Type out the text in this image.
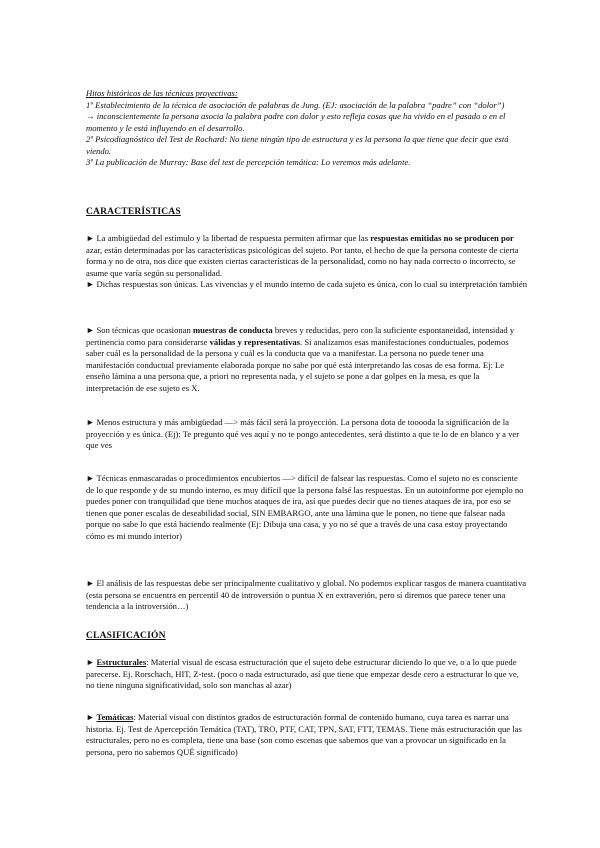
Hitos históricos de las técnicas proyectivas:

1º Establecimiento de la técnica de asociación de palabras de Jung. (EJ: asociación de la palabra “padre” con “dolor”)

→ inconscientemente la persona asocia la palabra padre con dolor y esto refleja cosas que ha vivido en el pasado o en el momento y le está influyendo en el desarrollo.

2º Psicodiagnóstico del Test de Rochard: No tiene ningún tipo de estructura y es la persona la que tiene que decir que está viendo.

3º La publicación de Murray: Base del test de percepción temática: Lo veremos más adelante.

CARACTERÍSTICAS

► La ambigüedad del estímulo y la libertad de respuesta permiten afirmar que las respuestas emitidas no se producen por azar, están determinadas por las características psicológicas del sujeto. Por tanto, el hecho de que la persona conteste de cierta forma y no de otra, nos dice que existen ciertas características de la personalidad, como no hay nada correcto o incorrecto, se asume que varía según su personalidad.

► Dichas respuestas son únicas. Las vivencias y el mundo interno de cada sujeto es única, con lo cual su interpretación también

► Son técnicas que ocasionan muestras de conducta breves y reducidas, pero con la suficiente espontaneidad, intensidad y pertinencia como para considerarse válidas y representativas. Si analizamos esas manifestaciones conductuales, podemos saber cuál es la personalidad de la persona y cuál es la conducta que va a manifestar. La persona no puede tener una manifestación conductual previamente elaborada porque no sabe por qué está interpretando las cosas de esa forma. Ej: Le enseño lámina a una persona que, a priori no representa nada, y el sujeto se pone a dar golpes en la mesa, es que la interpretación de ese sujeto es X.

► Menos estructura y más ambigüedad —> más fácil será la proyección. La persona dota de tooooda la significación de la proyección y es única. (Ej): Te pregunto qué ves aquí y no te pongo antecedentes, será distinto a que te lo de en blanco y a ver que ves

► Técnicas enmascaradas o procedimientos encubiertos —> difícil de falsear las respuestas. Como el sujeto no es consciente de lo que responde y de su mundo interno, es muy difícil que la persona falsé las respuestas. En un autoinforme por ejemplo no puedes poner con tranquilidad que tiene muchos ataques de ira, así que puedes decir que no tienes ataques de ira, por eso se tienen que poner escalas de deseabilidad social, SIN EMBARGO, ante una lámina que le ponen, no tiene que falsear nada porque no sabe lo que está haciendo realmente (Ej: Dibuja una casa, y yo no sé que a través de una casa estoy proyectando cómo es mi mundo interior)

► El análisis de las respuestas debe ser principalmente cualitativo y global. No podemos explicar rasgos de manera cuantitativa (esta persona se encuentra en percentil 40 de introversión o puntua X en extraverión, pero sí diremos que parece tener una tendencia a la introversión…)

CLASIFICACIÓN

► Estructurales: Material visual de escasa estructuración que el sujeto debe estructurar diciendo lo que ve, o a lo que puede parecerse. Ej. Rorschach, HIT, Z-test. (poco o nada estructurado, así que tiene que empezar desde cero a estructurar lo que ve, no tiene ninguna significatividad, solo son manchas al azar)

► Temáticas: Material visual con distintos grados de estructuración formal de contenido humano, cuya tarea es narrar una historia. Ej. Test de Apercepción Temática (TAT), TRO, PTF, CAT, TPN, SAT, FTT, TEMAS. Tiene más estructuración que las estructurales, pero no es completa, tiene una base (son como escenas que sabemos que van a provocar un significado en la persona, pero no sabemos QUÉ significado)
